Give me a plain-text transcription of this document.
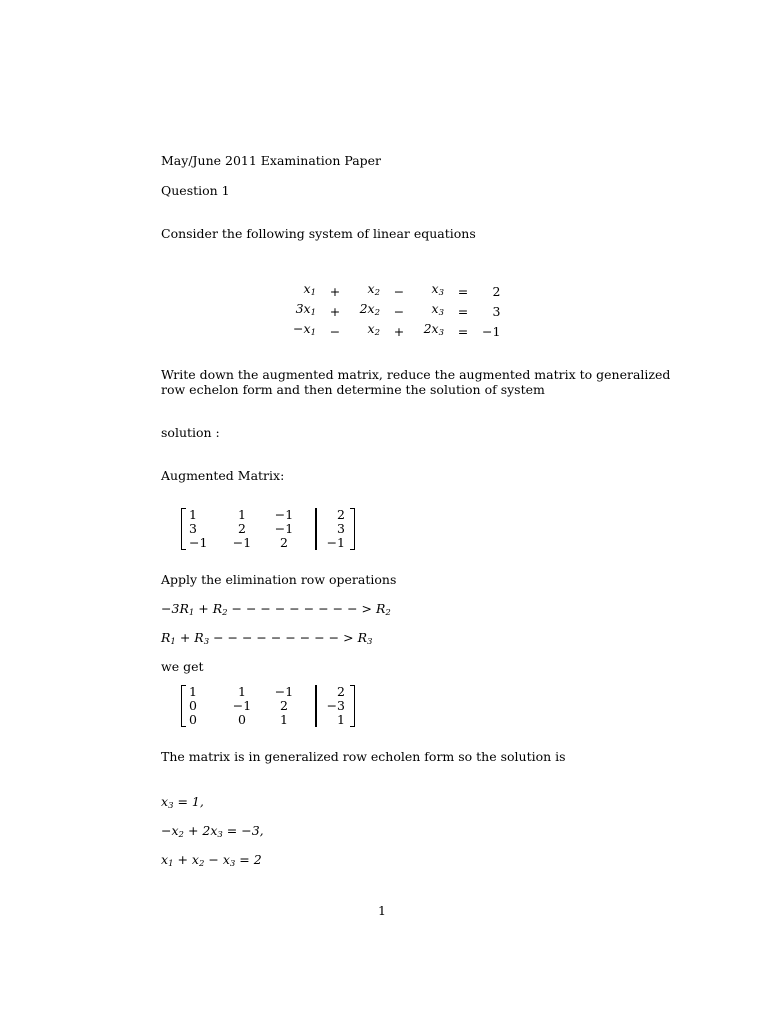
May/June 2011 Examination Paper
Question 1
Consider the following system of linear equations
$x_1$	+	$x_2$	−	$x_3$	=	2
$3x_1$	+	$2x_2$	−	$x_3$	=	3
$-x_1$	−	$x_2$	+	$2x_3$	=	−1
Write down the augmented matrix, reduce the augmented matrix to generalized
row echelon form and then determine the solution of system
solution :
Augmented Matrix:
1	1	−1		2
3	2	−1		3
−1	−1	2		−1
Apply the elimination row operations
$-3R_1 + R_2$ − − − − − − − − − > $R_2$
$R_1 + R_3$ − − − − − − − − − > $R_3$
we get
1	1	−1		2
0	−1	2		−3
0	0	1		1
The matrix is in generalized row echolen form so the solution is
$x_3 = 1$,
$-x_2 + 2x_3 = -3$,
$x_1 + x_2 - x_3 = 2$
1
